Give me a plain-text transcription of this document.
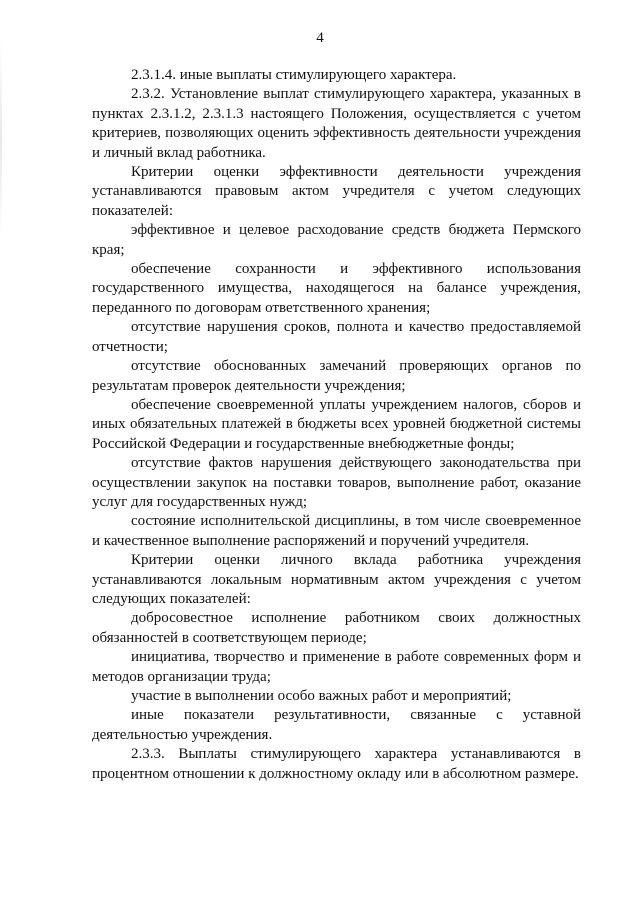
4

2.3.1.4. иные выплаты стимулирующего характера.

2.3.2. Установление выплат стимулирующего характера, указанных в пунктах 2.3.1.2, 2.3.1.3 настоящего Положения, осуществляется с учетом критериев, позволяющих оценить эффективность деятельности учреждения и личный вклад работника.

Критерии оценки эффективности деятельности учреждения устанавливаются правовым актом учредителя с учетом следующих показателей:

эффективное и целевое расходование средств бюджета Пермского края;

обеспечение сохранности и эффективного использования государственного имущества, находящегося на балансе учреждения, переданного по договорам ответственного хранения;

отсутствие нарушения сроков, полнота и качество предоставляемой отчетности;

отсутствие обоснованных замечаний проверяющих органов по результатам проверок деятельности учреждения;

обеспечение своевременной уплаты учреждением налогов, сборов и иных обязательных платежей в бюджеты всех уровней бюджетной системы Российской Федерации и государственные внебюджетные фонды;

отсутствие фактов нарушения действующего законодательства при осуществлении закупок на поставки товаров, выполнение работ, оказание услуг для государственных нужд;

состояние исполнительской дисциплины, в том числе своевременное и качественное выполнение распоряжений и поручений учредителя.

Критерии оценки личного вклада работника учреждения устанавливаются локальным нормативным актом учреждения с учетом следующих показателей:

добросовестное исполнение работником своих должностных обязанностей в соответствующем периоде;

инициатива, творчество и применение в работе современных форм и методов организации труда;

участие в выполнении особо важных работ и мероприятий;

иные показатели результативности, связанные с уставной деятельностью учреждения.

2.3.3. Выплаты стимулирующего характера устанавливаются в процентном отношении к должностному окладу или в абсолютном размере.
